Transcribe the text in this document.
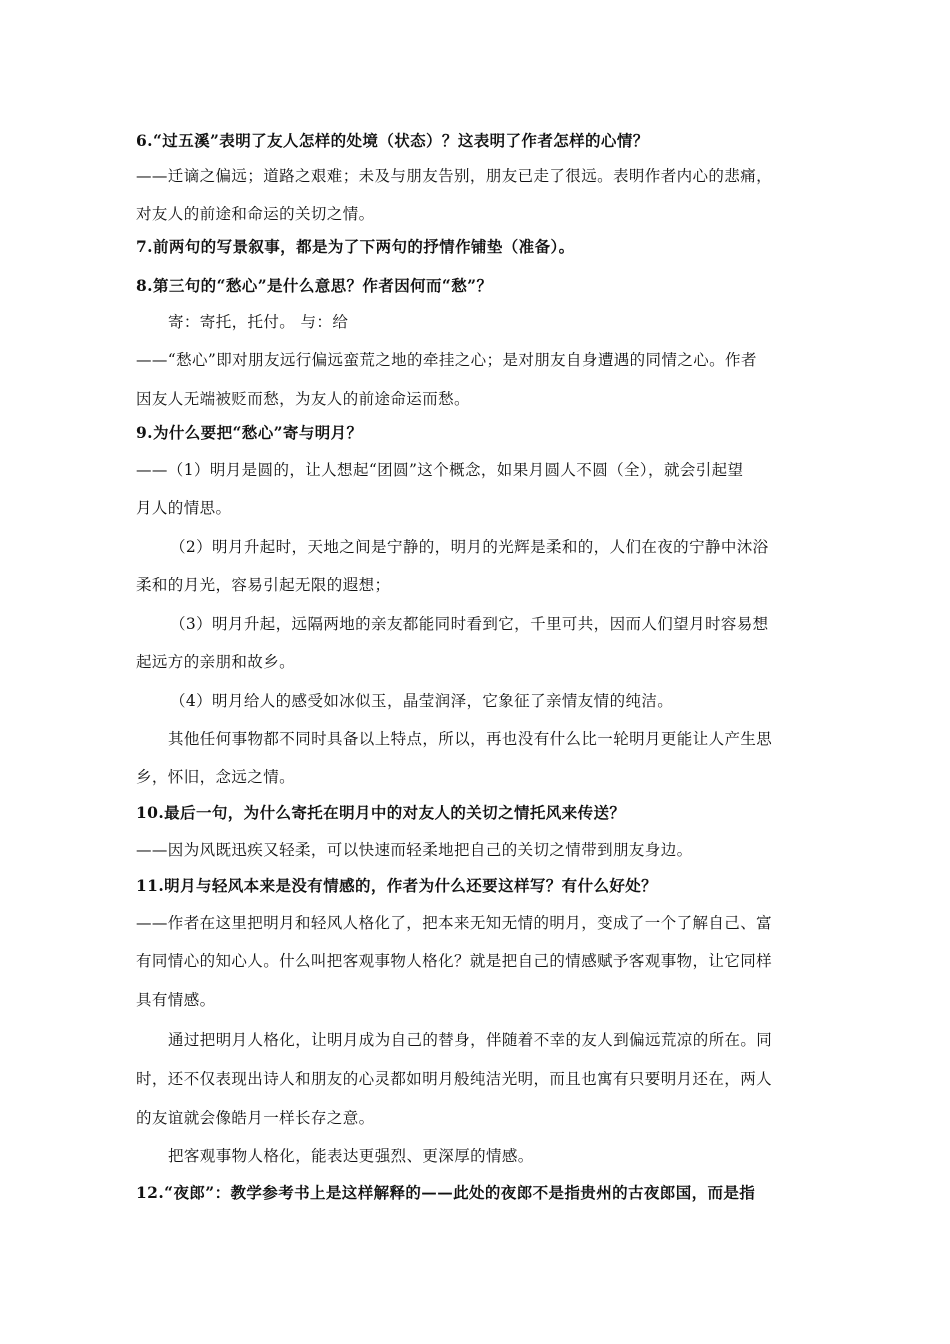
6.“过五溪”表明了友人怎样的处境（状态）？这表明了作者怎样的心情？
——迁谪之偏远；道路之艰难；未及与朋友告别，朋友已走了很远。表明作者内心的悲痛，
对友人的前途和命运的关切之情。
7.前两句的写景叙事，都是为了下两句的抒情作铺垫（准备）。
8.第三句的“愁心”是什么意思？作者因何而“愁”？
寄：寄托，托付。 与：给
——“愁心”即对朋友远行偏远蛮荒之地的牵挂之心；是对朋友自身遭遇的同情之心。作者
因友人无端被贬而愁，为友人的前途命运而愁。
9.为什么要把“愁心”寄与明月？
——（1）明月是圆的，让人想起“团圆”这个概念，如果月圆人不圆（全），就会引起望
月人的情思。
（2）明月升起时，天地之间是宁静的，明月的光辉是柔和的，人们在夜的宁静中沐浴
柔和的月光，容易引起无限的遐想；
（3）明月升起，远隔两地的亲友都能同时看到它，千里可共，因而人们望月时容易想
起远方的亲朋和故乡。
（4）明月给人的感受如冰似玉，晶莹润泽，它象征了亲情友情的纯洁。
其他任何事物都不同时具备以上特点，所以，再也没有什么比一轮明月更能让人产生思
乡，怀旧，念远之情。
10.最后一句，为什么寄托在明月中的对友人的关切之情托风来传送？
——因为风既迅疾又轻柔，可以快速而轻柔地把自己的关切之情带到朋友身边。
11.明月与轻风本来是没有情感的，作者为什么还要这样写？有什么好处？
——作者在这里把明月和轻风人格化了，把本来无知无情的明月，变成了一个了解自己、富
有同情心的知心人。什么叫把客观事物人格化？就是把自己的情感赋予客观事物，让它同样
具有情感。
通过把明月人格化，让明月成为自己的替身，伴随着不幸的友人到偏远荒凉的所在。同
时，还不仅表现出诗人和朋友的心灵都如明月般纯洁光明，而且也寓有只要明月还在，两人
的友谊就会像皓月一样长存之意。
把客观事物人格化，能表达更强烈、更深厚的情感。
12.“夜郎”：教学参考书上是这样解释的——此处的夜郎不是指贵州的古夜郎国，而是指
